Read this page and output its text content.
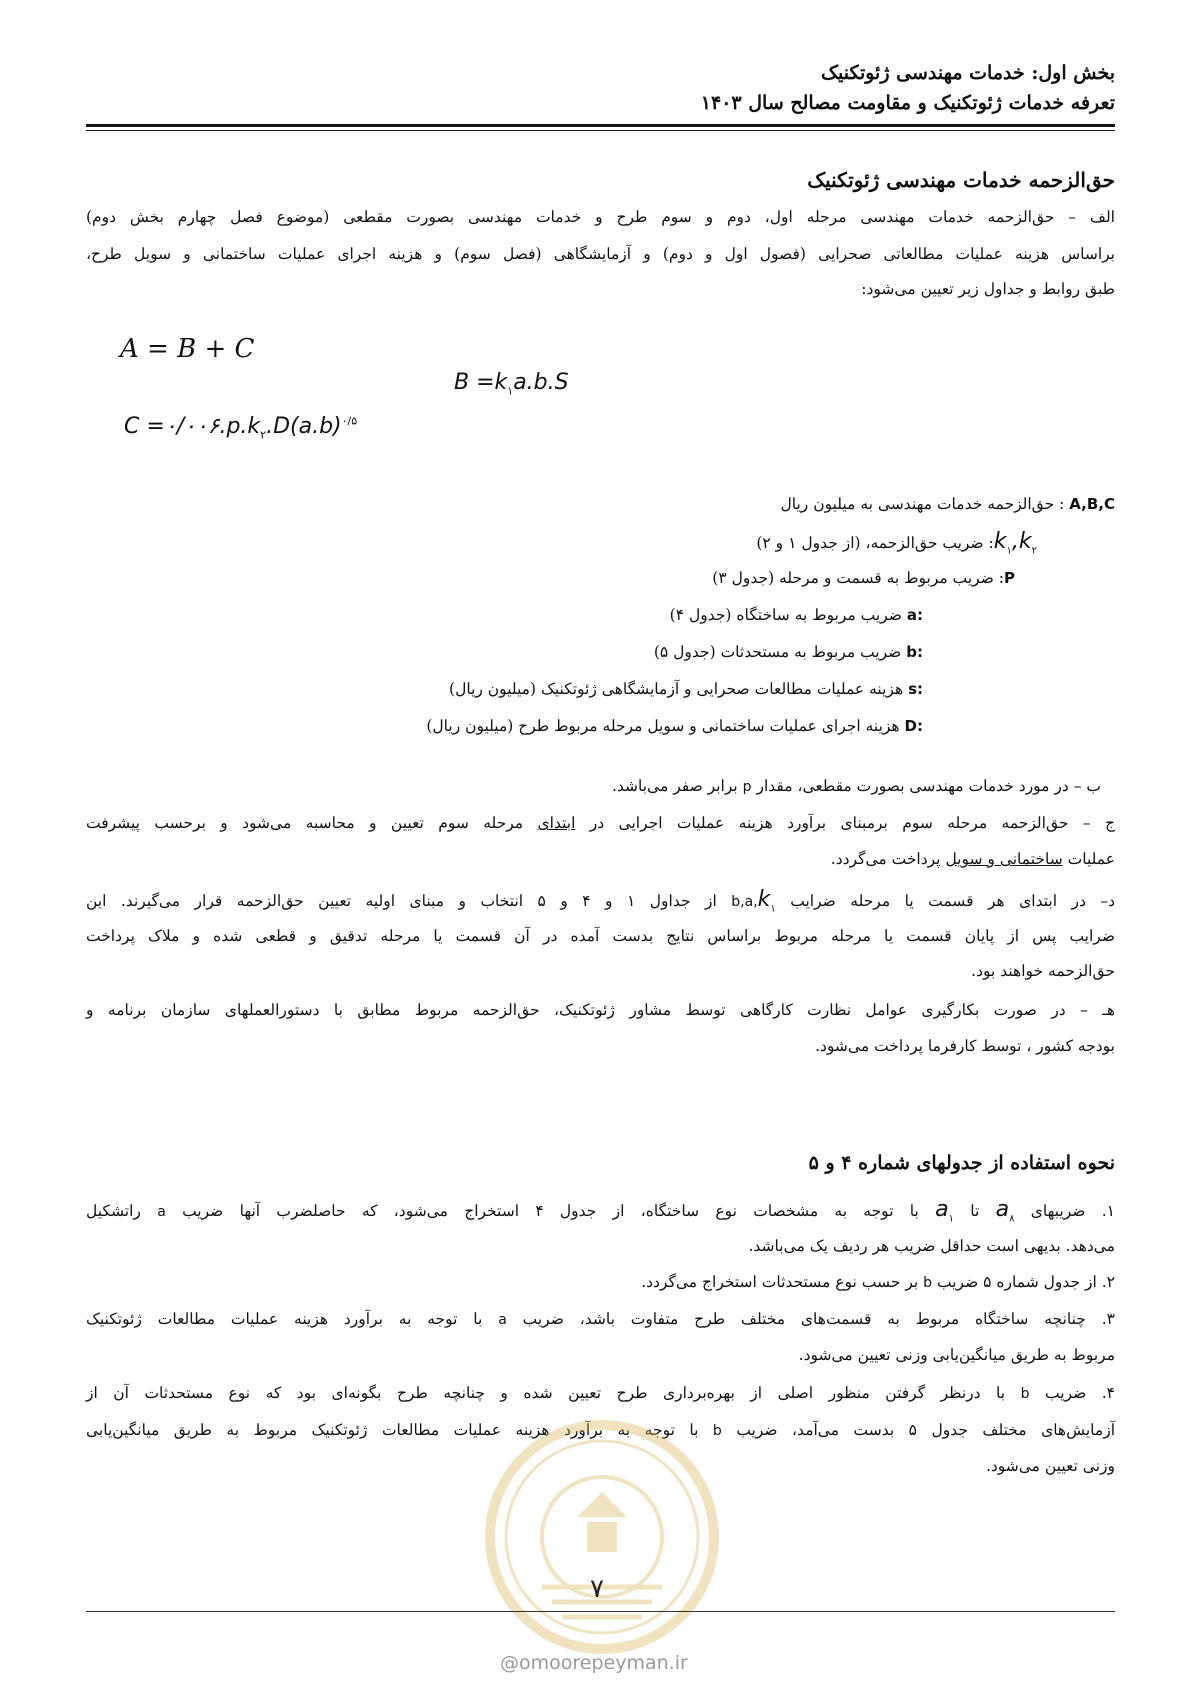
بخش اول: خدمات مهندسی ژئوتکنیک
تعرفه خدمات ژئوتکنیک و مقاومت مصالح سال ۱۴۰۳
حق‌الزحمه خدمات مهندسی ژئوتکنیک
الف – حق‌الزحمه خدمات مهندسی مرحله اول، دوم و سوم طرح و خدمات مهندسی بصورت مقطعی (موضوع فصل چهارم بخش دوم)
براساس هزینه عملیات مطالعاتی صحرایی (فصول اول و دوم) و آزمایشگاهی (فصل سوم) و هزینه اجرای عملیات ساختمانی و سویل طرح،
طبق روابط و جداول زیر تعیین می‌شود:
A = B + C
$B =k_۱a.b.S$
$C =۰/۰۰۶.p.k_۲.D(a.b)^{۰/۵}$
A,B,C : حق‌الزحمه خدمات مهندسی به میلیون ریال
$k_۱,k_۲$: ضریب حق‌الزحمه، (از جدول ۱ و ۲)
P: ضریب مربوط به قسمت و مرحله (جدول ۳)
a: ضریب مربوط به ساختگاه (جدول ۴)
b: ضریب مربوط به مستحدثات (جدول ۵)
s: هزینه عملیات مطالعات صحرایی و آزمایشگاهی ژئوتکنیک (میلیون ریال)
D: هزینه اجرای عملیات ساختمانی و سویل مرحله مربوط طرح (میلیون ریال)
ب – در مورد خدمات مهندسی بصورت مقطعی، مقدار p برابر صفر می‌باشد.
ج – حق‌الزحمه مرحله سوم برمبنای برآورد هزینه عملیات اجرایی در ابتدای مرحله سوم تعیین و محاسبه می‌شود و برحسب پیشرفت
عملیات ساختمانی و سویل پرداخت می‌گردد.
د– در ابتدای هر قسمت یا مرحله ضرایب $b,a,k_۱$ از جداول ۱ و ۴ و ۵ انتخاب و مبنای اولیه تعیین حق‌الزحمه قرار می‌گیرند. این
ضرایب پس از پایان قسمت یا مرحله مربوط براساس نتایج بدست آمده در آن قسمت یا مرحله تدقیق و قطعی شده و ملاک پرداخت
حق‌الزحمه خواهند بود.
هـ – در صورت بکارگیری عوامل نظارت کارگاهی توسط مشاور ژئوتکنیک، حق‌الزحمه مربوط مطابق با دستورالعملهای سازمان برنامه و
بودجه کشور ، توسط کارفرما پرداخت می‌شود.
نحوه استفاده از جدولهای شماره ۴ و ۵
۱. ضریبهای $a_۸$ تا $a_۱$ با توجه به مشخصات نوع ساختگاه، از جدول ۴ استخراج می‌شود، که حاصلضرب آنها ضریب a راتشکیل
می‌دهد. بدیهی است حداقل ضریب هر ردیف یک می‌باشد.
۲. از جدول شماره ۵ ضریب b بر حسب نوع مستحدثات استخراج می‌گردد.
۳. چنانچه ساختگاه مربوط به قسمت‌های مختلف طرح متفاوت باشد، ضریب a با توجه به برآورد هزینه عملیات مطالعات ژئوتکنیک
مربوط به طریق میانگین‌یابی وزنی تعیین می‌شود.
۴. ضریب b با درنظر گرفتن منظور اصلی از بهره‌برداری طرح تعیین شده و چنانچه طرح بگونه‌ای بود که نوع مستحدثات آن از
آزمایش‌های مختلف جدول ۵ بدست می‌آمد، ضریب b با توجه به برآورد هزینه عملیات مطالعات ژئوتکنیک مربوط به طریق میانگین‌یابی
وزنی تعیین می‌شود.
۷
@omoorepeyman.ir
